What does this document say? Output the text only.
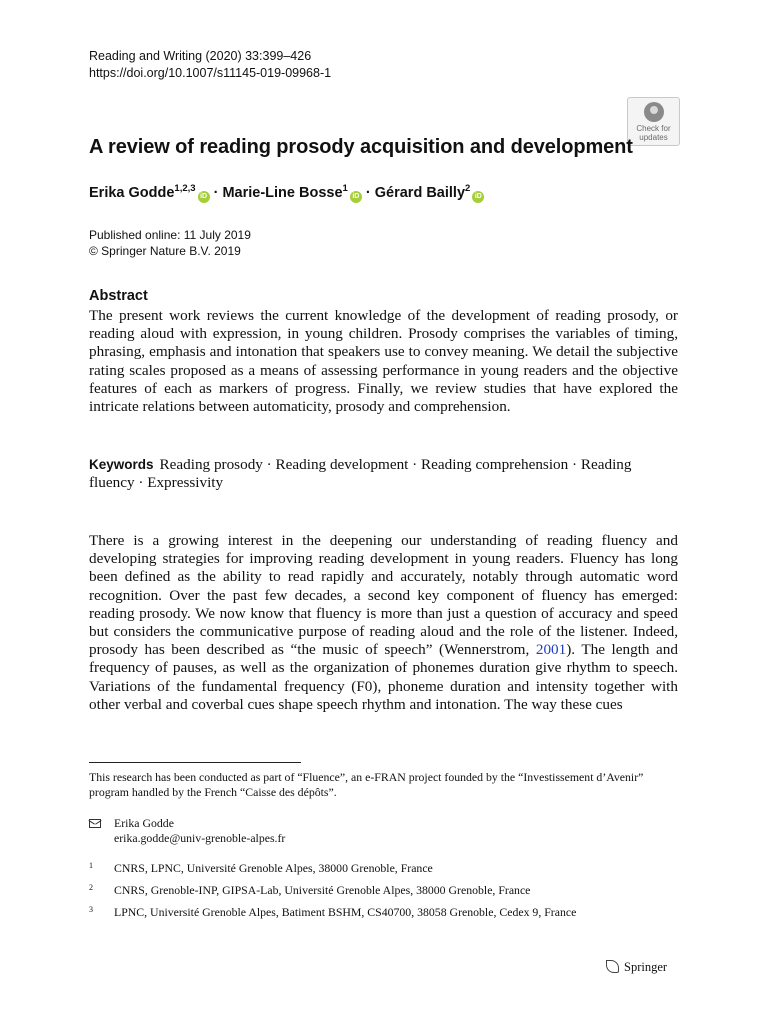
Reading and Writing (2020) 33:399–426
https://doi.org/10.1007/s11145-019-09968-1
Check for
updates
A review of reading prosody acquisition and development
Erika Godde$^{1,2,3}$iD · Marie-Line Bosse$^1$iD · Gérard Bailly$^2$iD
Published online: 11 July 2019
© Springer Nature B.V. 2019
Abstract
The present work reviews the current knowledge of the development of reading prosody, or reading aloud with expression, in young children. Prosody comprises the variables of timing, phrasing, emphasis and intonation that speakers use to convey meaning. We detail the subjective rating scales proposed as a means of assessing performance in young readers and the objective features of each as markers of progress. Finally, we review studies that have explored the intricate relations between automaticity, prosody and comprehension.
Keywords Reading prosody · Reading development · Reading comprehension · Reading fluency · Expressivity
There is a growing interest in the deepening our understanding of reading fluency and developing strategies for improving reading development in young readers. Fluency has long been defined as the ability to read rapidly and accurately, notably through automatic word recognition. Over the past few decades, a second key component of fluency has emerged: reading prosody. We now know that fluency is more than just a question of accuracy and speed but considers the communicative purpose of reading aloud and the role of the listener. Indeed, prosody has been described as “the music of speech” (Wennerstrom, 2001). The length and frequency of pauses, as well as the organization of phonemes duration give rhythm to speech. Variations of the fundamental frequency (F0), phoneme duration and intensity together with other verbal and coverbal cues shape speech rhythm and intonation. The way these cues
This research has been conducted as part of “Fluence”, an e-FRAN project founded by the “Investissement d’Avenir” program handled by the French “Caisse des dépôts”.
Erika Godde
erika.godde@univ-grenoble-alpes.fr
1 CNRS, LPNC, Université Grenoble Alpes, 38000 Grenoble, France
2 CNRS, Grenoble-INP, GIPSA-Lab, Université Grenoble Alpes, 38000 Grenoble, France
3 LPNC, Université Grenoble Alpes, Batiment BSHM, CS40700, 38058 Grenoble, Cedex 9, France
Springer
